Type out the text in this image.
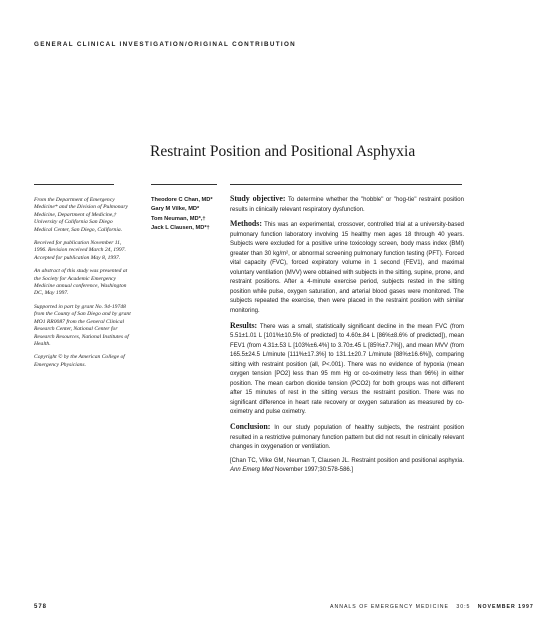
GENERAL CLINICAL INVESTIGATION/ORIGINAL CONTRIBUTION
Restraint Position and Positional Asphyxia

From the Department of Emergency Medicine* and the Division of Pulmonary Medicine, Department of Medicine,† University of California San Diego Medical Center, San Diego, California.

Received for publication November 11, 1996. Revision received March 24, 1997. Accepted for publication May 8, 1997.

An abstract of this study was presented at the Society for Academic Emergency Medicine annual conference, Washington DC, May 1997.

Supported in part by grant No. 94-19748 from the County of San Diego and by grant MO1 RR0087 from the General Clinical Research Center, National Center for Research Resources, National Institutes of Health.

Copyright © by the American College of Emergency Physicians.

Theodore C Chan, MD*
Gary M Vilke, MD*
Tom Neuman, MD*,†
Jack L Clausen, MD*†

Study objective: To determine whether the "hobble" or "hog-tie" restraint position results in clinically relevant respiratory dysfunction.

Methods: This was an experimental, crossover, controlled trial at a university-based pulmonary function laboratory involving 15 healthy men ages 18 through 40 years. Subjects were excluded for a positive urine toxicology screen, body mass index (BMI) greater than 30 kg/m², or abnormal screening pulmonary function testing (PFT). Forced vital capacity (FVC), forced expiratory volume in 1 second (FEV1), and maximal voluntary ventilation (MVV) were obtained with subjects in the sitting, supine, prone, and restraint positions. After a 4-minute exercise period, subjects rested in the sitting position while pulse, oxygen saturation, and arterial blood gases were monitored. The subjects repeated the exercise, then were placed in the restraint position with similar monitoring.

Results: There was a small, statistically significant decline in the mean FVC (from 5.51±1.01 L [101%±10.5% of predicted] to 4.60±.84 L [86%±8.6% of predicted]), mean FEV1 (from 4.31±.53 L [103%±6.4%] to 3.70±.45 L [85%±7.7%]), and mean MVV (from 165.5±24.5 L/minute [111%±17.3%] to 131.1±20.7 L/minute [88%±16.6%]), comparing sitting with restraint position (all, P<.001). There was no evidence of hypoxia (mean oxygen tension [PO2] less than 95 mm Hg or co-oximetry less than 96%) in either position. The mean carbon dioxide tension (PCO2) for both groups was not different after 15 minutes of rest in the sitting versus the restraint position. There was no significant difference in heart rate recovery or oxygen saturation as measured by co-oximetry and pulse oximetry.

Conclusion: In our study population of healthy subjects, the restraint position resulted in a restrictive pulmonary function pattern but did not result in clinically relevant changes in oxygenation or ventilation.

[Chan TC, Vilke GM, Neuman T, Clausen JL. Restraint position and positional asphyxia. Ann Emerg Med November 1997;30:578-586.]

578	ANNALS OF EMERGENCY MEDICINE 30:5 NOVEMBER 1997
